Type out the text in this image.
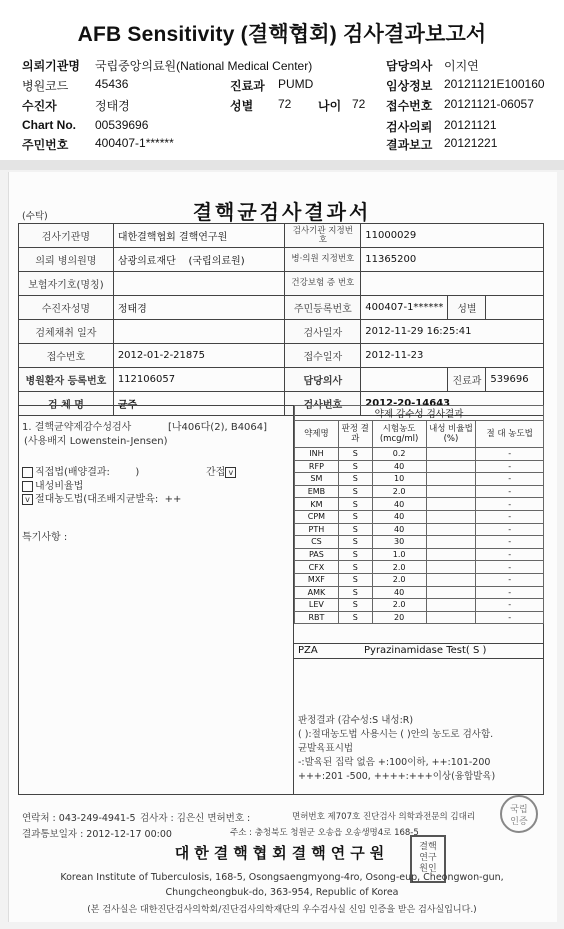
AFB Sensitivity (결핵협회) 검사결과보고서
의뢰기관명 국립중앙의료원(National Medical Center)
병원코드 45436	진료과 PUMD
수진자	정태경	성별 72 나이 72
Chart No. 00539696
주민번호 400407-1******
담당의사 이지연
임상정보 20121121E100160
접수번호 20121121-06057
검사의뢰 20121121
결과보고 20121221
(수탁)	결핵균검사결과서
검사기관명	대한결핵협회 결핵연구원	검사기관 지정번호	11000029		
의뢰 병의원명	삼광의료재단 (국립의료원)	병·의원 지정번호	11365200		
보험자기호(명칭)		건강보험 증 번호			
수진자성명	정태경	주민등록번호	400407-1******	성별	
검체채취 일자		검사일자	2012-11-29 16:25:41		
접수번호	2012-01-2-21875	접수일자	2012-11-23		
병원환자 등록번호	112106057	담당의사		진료과	539696
검 체 명	균주	검사번호	2012-20-14643		
1. 결핵균약제감수성검사	[나406다(2), B4064]
(사용배지 Lowenstein-Jensen)
직접법(배양결과:        )	간접 v
내성비율법
v 절대농도법(대조배지균발육: ++
특기사항 :
약제 감수성 검사결과				
약제명	판정 결과	시험농도 (mcg/ml)	내성 비율법(%)	절 대 농도법
INH	S	0.2		-
RFP	S	40		-
SM	S	10		-
EMB	S	2.0		-
KM	S	40		-
CPM	S	40		-
PTH	S	40		-
CS	S	30		-
PAS	S	1.0		-
CFX	S	2.0		-
MXF	S	2.0		-
AMK	S	40		-
LEV	S	2.0		-
RBT	S	20		-
PZA	Pyrazinamidase Test( S )
판정결과 (감수성:S 내성:R)
( ):절대농도법 사용시는 ( )안의 농도로 검사함.
균발육표시법
-:발육된 집락 없음 +:100이하, ++:101-200
+++:201 -500, ++++:+++이상(융합발육)
연락처 : 043-249-4941-5 검사자 : 김은신 면허번호 :	면허번호 제707호 진단검사 의학과전문의 김대리
결과통보일자 : 2012-12-17 00:00	주소 : 충청북도 청원군 오송읍 오송생명4로 168-5
국립
인증
결핵
연구
원인
대한결핵협회결핵연구원
Korean Institute of Tuberculosis, 168-5, Osongsaengmyong-4ro, Osong-eup, Cheongwon-gun,
Chungcheongbuk-do, 363-954, Republic of Korea
(본 검사실은 대한진단검사의학회/진단검사의학재단의 우수검사실 신임 인증을 받은 검사실입니다.)
